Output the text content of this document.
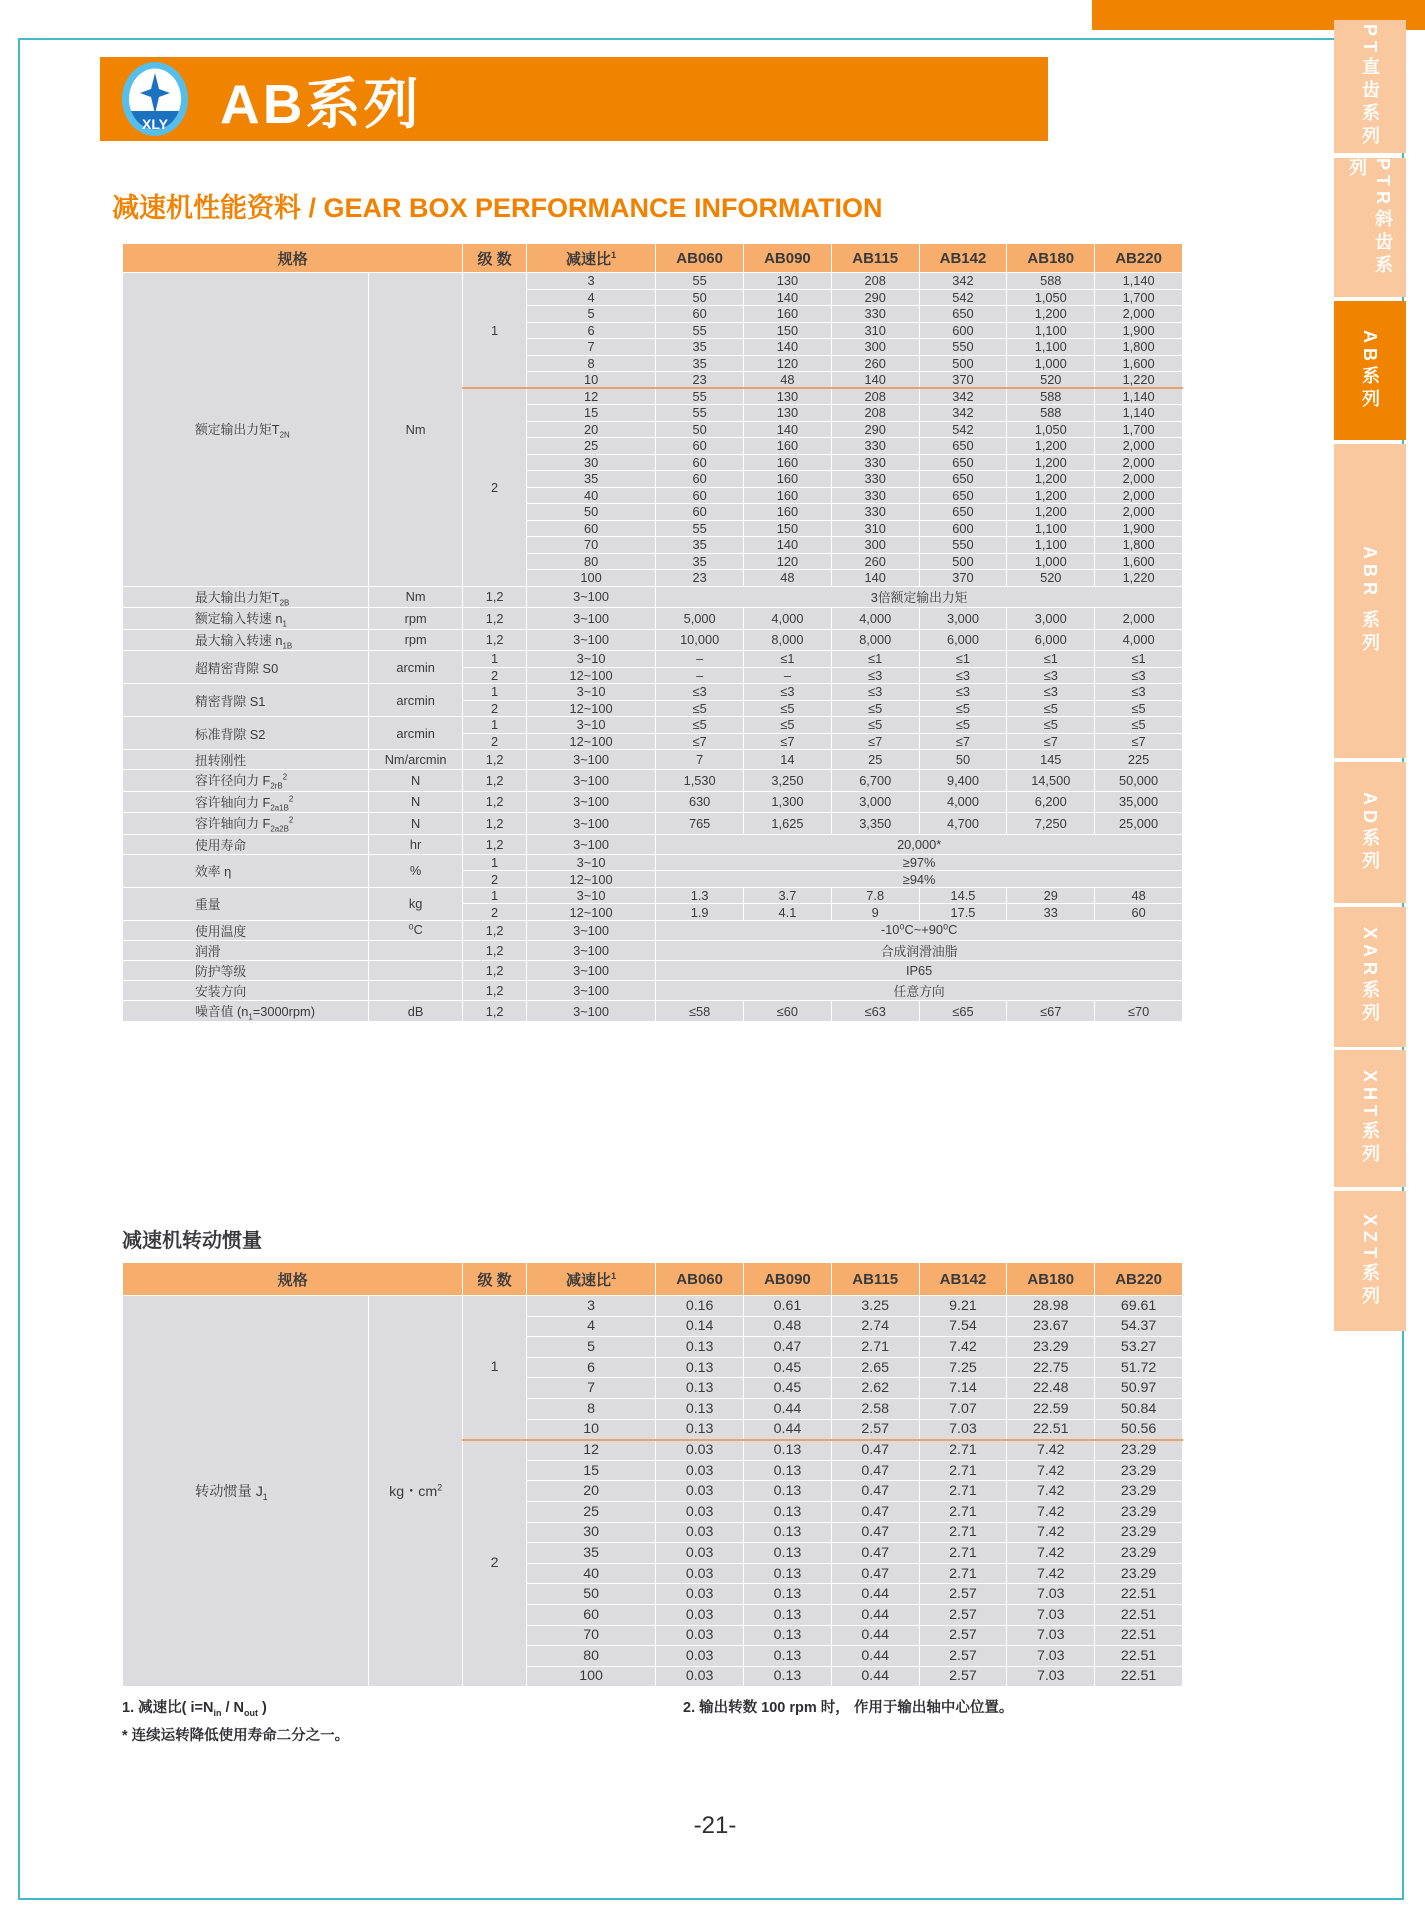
XLY AB系列	PT直齿系列
PTR斜齿系列
AB系列
ABR 系列
AD系列
XAR系列
XHT系列
XZT系列
减速机性能资料 / GEAR BOX PERFORMANCE INFORMATION
规格		级 数	减速比$^1$	AB060	AB090	AB115	AB142	AB180	AB220
额定输出力矩$T_{2N}$	Nm	1	3	55	130	208	342	588	1,140
			4	50	140	290	542	1,050	1,700
			5	60	160	330	650	1,200	2,000
			6	55	150	310	600	1,100	1,900
			7	35	140	300	550	1,100	1,800
			8	35	120	260	500	1,000	1,600
			10	23	48	140	370	520	1,220
		2	12	55	130	208	342	588	1,140
			15	55	130	208	342	588	1,140
			20	50	140	290	542	1,050	1,700
			25	60	160	330	650	1,200	2,000
			30	60	160	330	650	1,200	2,000
			35	60	160	330	650	1,200	2,000
			40	60	160	330	650	1,200	2,000
			50	60	160	330	650	1,200	2,000
			60	55	150	310	600	1,100	1,900
			70	35	140	300	550	1,100	1,800
			80	35	120	260	500	1,000	1,600
			100	23	48	140	370	520	1,220
最大输出力矩$T_{2B}$	Nm	1,2	3~100	3倍额定输出力矩					
额定输入转速 $n_1$	rpm	1,2	3~100	5,000	4,000	4,000	3,000	3,000	2,000
最大输入转速 $n_{1B}$	rpm	1,2	3~100	10,000	8,000	8,000	6,000	6,000	4,000
超精密背隙 S0	arcmin	1	3~10	–	≤1	≤1	≤1	≤1	≤1
		2	12~100	–	–	≤3	≤3	≤3	≤3
精密背隙 S1	arcmin	1	3~10	≤3	≤3	≤3	≤3	≤3	≤3
		2	12~100	≤5	≤5	≤5	≤5	≤5	≤5
标准背隙 S2	arcmin	1	3~10	≤5	≤5	≤5	≤5	≤5	≤5
		2	12~100	≤7	≤7	≤7	≤7	≤7	≤7
扭转刚性	Nm/arcmin	1,2	3~100	7	14	25	50	145	225
容许径向力 $F_{2rB}^2$	N	1,2	3~100	1,530	3,250	6,700	9,400	14,500	50,000
容许轴向力 $F_{2a1B}^2$	N	1,2	3~100	630	1,300	3,000	4,000	6,200	35,000
容许轴向力 $F_{2a2B}^2$	N	1,2	3~100	765	1,625	3,350	4,700	7,250	25,000
使用寿命	hr	1,2	3~100	20,000*					
效率 η	%	1	3~10	≥97%					
		2	12~100	≥94%					
重量	kg	1	3~10	1.3	3.7	7.8	14.5	29	48
		2	12~100	1.9	4.1	9	17.5	33	60
使用温度	⁰C	1,2	3~100	-10⁰C~+90⁰C					
润滑		1,2	3~100	合成润滑油脂					
防护等级		1,2	3~100	IP65					
安装方向		1,2	3~100	任意方向					
噪音值 $(n_1=3000rpm)$	dB	1,2	3~100	≤58	≤60	≤63	≤65	≤67	≤70
减速机转动惯量
规格		级 数	减速比$^1$	AB060	AB090	AB115	AB142	AB180	AB220
转动惯量 $J_1$	kg・$cm^2$	1	3	0.16	0.61	3.25	9.21	28.98	69.61
			4	0.14	0.48	2.74	7.54	23.67	54.37
			5	0.13	0.47	2.71	7.42	23.29	53.27
			6	0.13	0.45	2.65	7.25	22.75	51.72
			7	0.13	0.45	2.62	7.14	22.48	50.97
			8	0.13	0.44	2.58	7.07	22.59	50.84
			10	0.13	0.44	2.57	7.03	22.51	50.56
		2	12	0.03	0.13	0.47	2.71	7.42	23.29
			15	0.03	0.13	0.47	2.71	7.42	23.29
			20	0.03	0.13	0.47	2.71	7.42	23.29
			25	0.03	0.13	0.47	2.71	7.42	23.29
			30	0.03	0.13	0.47	2.71	7.42	23.29
			35	0.03	0.13	0.47	2.71	7.42	23.29
			40	0.03	0.13	0.47	2.71	7.42	23.29
			50	0.03	0.13	0.44	2.57	7.03	22.51
			60	0.03	0.13	0.44	2.57	7.03	22.51
			70	0.03	0.13	0.44	2.57	7.03	22.51
			80	0.03	0.13	0.44	2.57	7.03	22.51
			100	0.03	0.13	0.44	2.57	7.03	22.51
1. 减速比( $i=N_{in} / N_{out}$ )
* 连续运转降低使用寿命二分之一。
2. 输出转数 100 rpm 时， 作用于输出轴中心位置。
-21-
